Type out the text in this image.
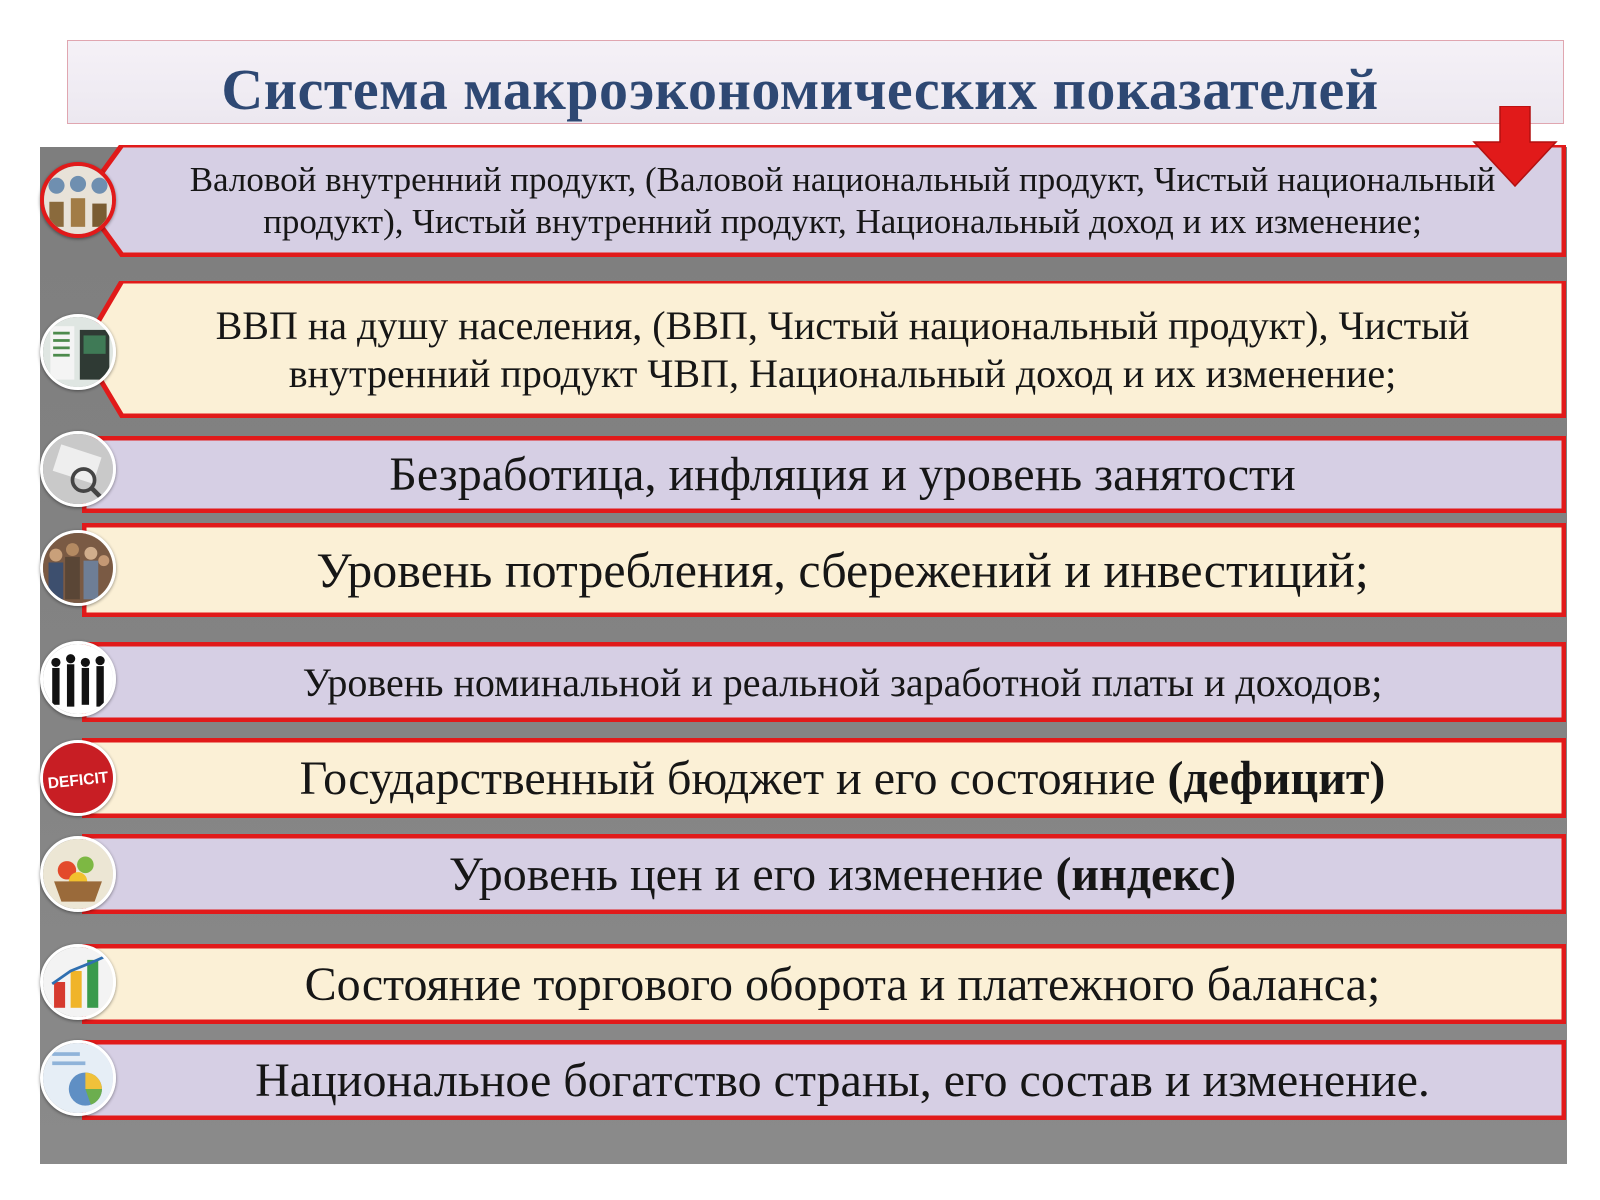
Система макроэкономических показателей

Валовой внутренний продукт, (Валовой национальный продукт, Чистый национальный продукт), Чистый внутренний продукт, Национальный доход и их изменение;

ВВП на душу населения, (ВВП, Чистый национальный продукт), Чистый внутренний продукт ЧВП, Национальный доход и их изменение;

Безработица, инфляция и уровень занятости

Уровень потребления, сбережений и инвестиций;

Уровень номинальной и реальной заработной платы и доходов;

Государственный бюджет и его состояние
(дефицит)

Уровень цен и его изменение
(индекс)

Состояние торгового оборота и платежного баланса;

Национальное богатство страны, его состав и изменение.

DEFICIT
